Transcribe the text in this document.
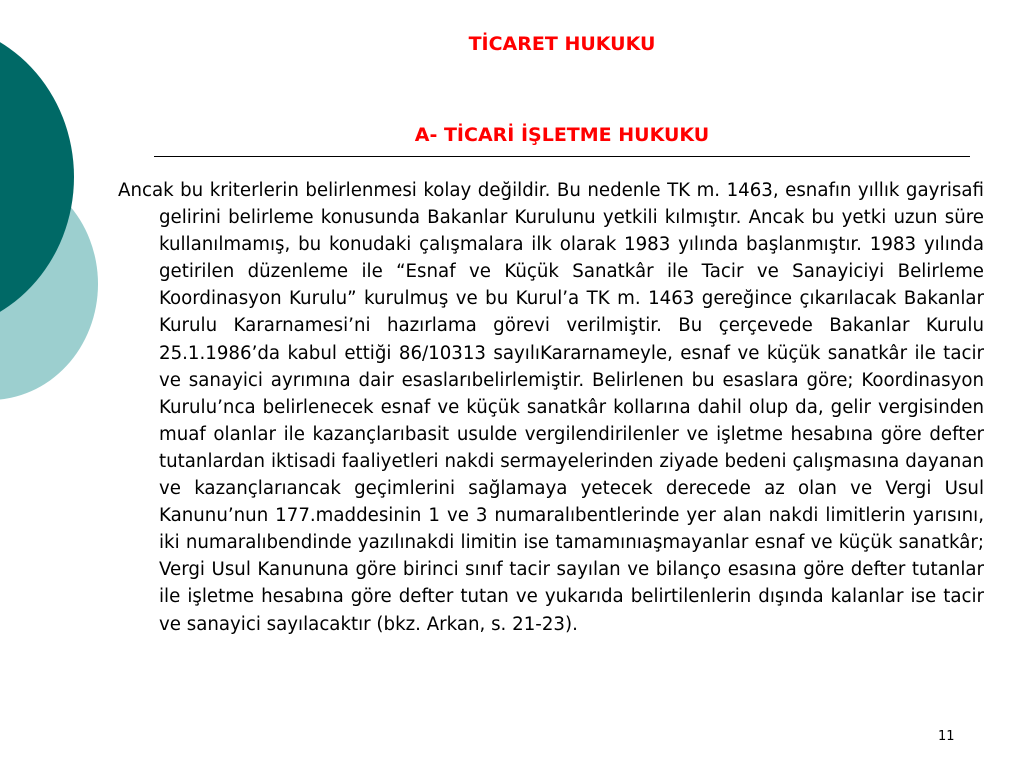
TİCARET HUKUKU
A- TİCARİ İŞLETME HUKUKU

Ancak bu kriterlerin belirlenmesi kolay değildir. Bu nedenle TK m. 1463, esnafın yıllık gayrisafi gelirini belirleme konusunda Bakanlar Kurulunu yetkili kılmıştır. Ancak bu yetki uzun süre kullanılmamış, bu konudaki çalışmalara ilk olarak 1983 yılında başlanmıştır. 1983 yılında getirilen düzenleme ile “Esnaf ve Küçük Sanatkâr ile Tacir ve Sanayiciyi Belirleme Koordinasyon Kurulu” kurulmuş ve bu Kurul’a TK m. 1463 gereğince çıkarılacak Bakanlar Kurulu Kararnamesi’ni hazırlama görevi verilmiştir. Bu çerçevede Bakanlar Kurulu 25.1.1986’da kabul ettiği 86/10313 sayılıKararnameyle, esnaf ve küçük sanatkâr ile tacir ve sanayici ayrımına dair esaslarıbelirlemiştir. Belirlenen bu esaslara göre; Koordinasyon Kurulu’nca belirlenecek esnaf ve küçük sanatkâr kollarına dahil olup da, gelir vergisinden muaf olanlar ile kazançlarıbasit usulde vergilendirilenler ve işletme hesabına göre defter tutanlardan iktisadi faaliyetleri nakdi sermayelerinden ziyade bedeni çalışmasına dayanan ve kazançlarıancak geçimlerini sağlamaya yetecek derecede az olan ve Vergi Usul Kanunu’nun 177.maddesinin 1 ve 3 numaralıbentlerinde yer alan nakdi limitlerin yarısını, iki numaralıbendinde yazılınakdi limitin ise tamamınıaşmayanlar esnaf ve küçük sanatkâr; Vergi Usul Kanununa göre birinci sınıf tacir sayılan ve bilanço esasına göre defter tutanlar ile işletme hesabına göre defter tutan ve yukarıda belirtilenlerin dışında kalanlar ise tacir ve sanayici sayılacaktır (bkz. Arkan, s. 21-23).

11
